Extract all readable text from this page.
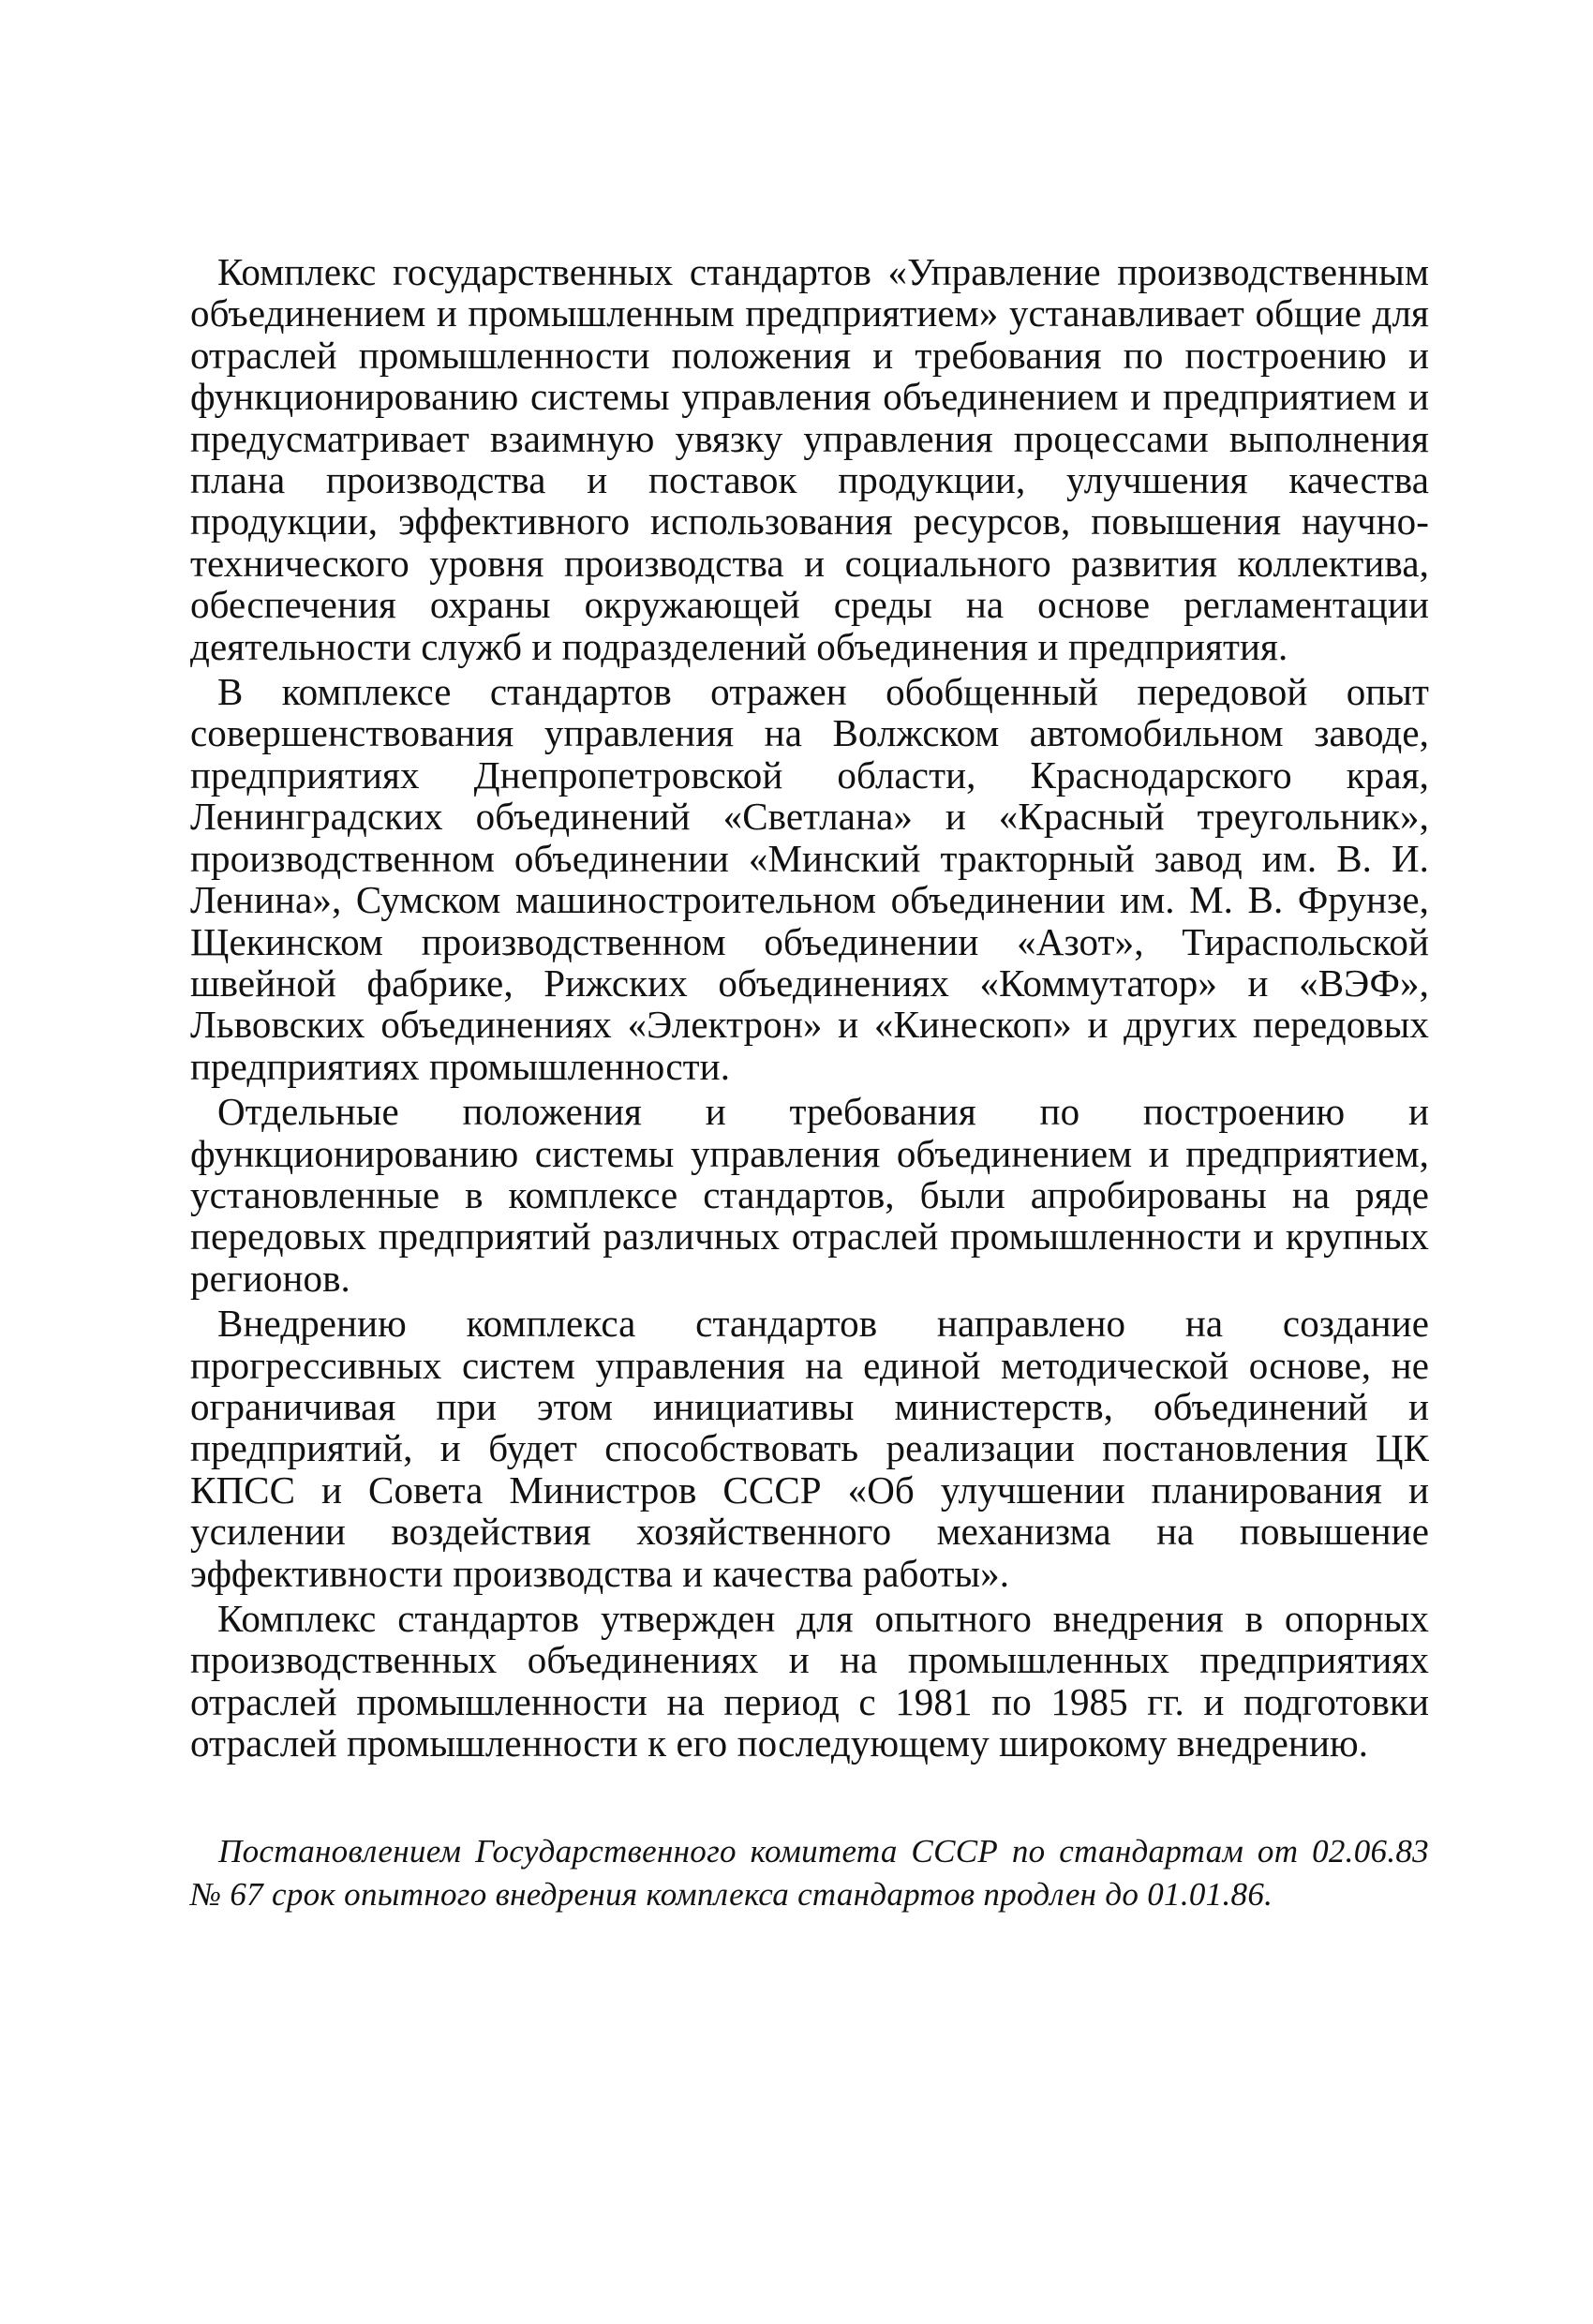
Комплекс государственных стандартов «Управление производственным объединением и промышленным предприятием» устанавливает общие для отраслей промышленности положения и требования по построению и функционированию системы управления объединением и предприятием и предусматривает взаимную увязку управления процессами выполнения плана производства и поставок продукции, улучшения качества продукции, эффективного использования ресурсов, повышения научно-технического уровня производства и социального развития коллектива, обеспечения охраны окружающей среды на основе регламентации деятельности служб и подразделений объединения и предприятия.

В комплексе стандартов отражен обобщенный передовой опыт совершенствования управления на Волжском автомобильном заводе, предприятиях Днепропетровской области, Краснодарского края, Ленинградских объединений «Светлана» и «Красный треугольник», производственном объединении «Минский тракторный завод им. В. И. Ленина», Сумском машиностроительном объединении им. М. В. Фрунзе, Щекинском производственном объединении «Азот», Тираспольской швейной фабрике, Рижских объединениях «Коммутатор» и «ВЭФ», Львовских объединениях «Электрон» и «Кинескоп» и других передовых предприятиях промышленности.

Отдельные положения и требования по построению и функционированию системы управления объединением и предприятием, установленные в комплексе стандартов, были апробированы на ряде передовых предприятий различных отраслей промышленности и крупных регионов.

Внедрению комплекса стандартов направлено на создание прогрессивных систем управления на единой методической основе, не ограничивая при этом инициативы министерств, объединений и предприятий, и будет способствовать реализации постановления ЦК КПСС и Совета Министров СССР «Об улучшении планирования и усилении воздействия хозяйственного механизма на повышение эффективности производства и качества работы».

Комплекс стандартов утвержден для опытного внедрения в опорных производственных объединениях и на промышленных предприятиях отраслей промышленности на период с 1981 по 1985 гг. и подготовки отраслей промышленности к его последующему широкому внедрению.

Постановлением Государственного комитета СССР по стандартам от 02.06.83 № 67 срок опытного внедрения комплекса стандартов продлен до 01.01.86.
